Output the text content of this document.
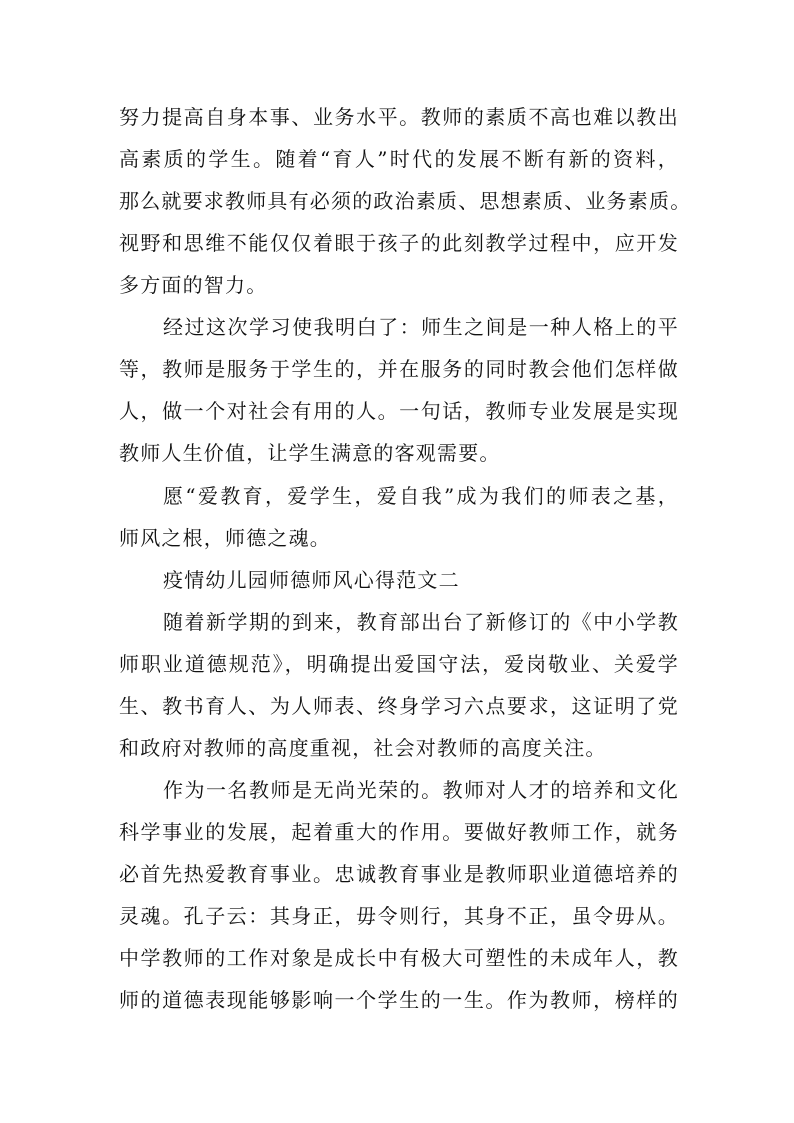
努力提高自身本事、业务水平。教师的素质不高也难以教出
高素质的学生。随着“育人”时代的发展不断有新的资料，
那么就要求教师具有必须的政治素质、思想素质、业务素质。
视野和思维不能仅仅着眼于孩子的此刻教学过程中，应开发
多方面的智力。
经过这次学习使我明白了：师生之间是一种人格上的平
等，教师是服务于学生的，并在服务的同时教会他们怎样做
人，做一个对社会有用的人。一句话，教师专业发展是实现
教师人生价值，让学生满意的客观需要。
愿“爱教育，爱学生，爱自我”成为我们的师表之基，
师风之根，师德之魂。
疫情幼儿园师德师风心得范文二
随着新学期的到来，教育部出台了新修订的《中小学教
师职业道德规范》，明确提出爱国守法，爱岗敬业、关爱学
生、教书育人、为人师表、终身学习六点要求，这证明了党
和政府对教师的高度重视，社会对教师的高度关注。
作为一名教师是无尚光荣的。教师对人才的培养和文化
科学事业的发展，起着重大的作用。要做好教师工作，就务
必首先热爱教育事业。忠诚教育事业是教师职业道德培养的
灵魂。孔子云：其身正，毋令则行，其身不正，虽令毋从。
中学教师的工作对象是成长中有极大可塑性的未成年人，教
师的道德表现能够影响一个学生的一生。作为教师，榜样的
